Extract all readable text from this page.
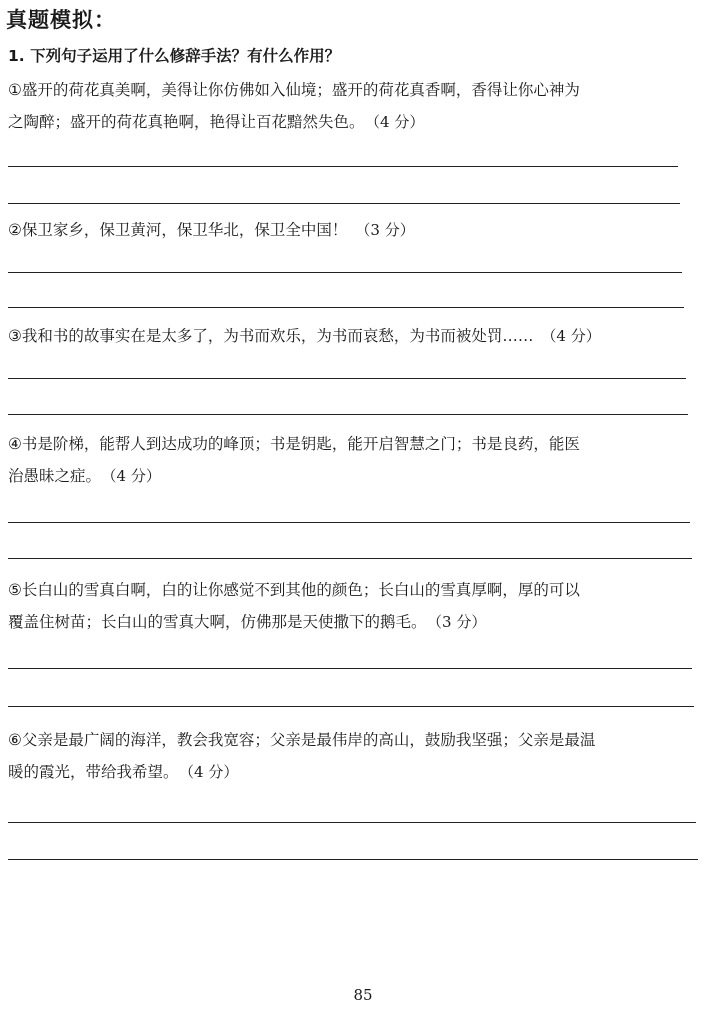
真题模拟：
1. 下列句子运用了什么修辞手法？有什么作用？
①盛开的荷花真美啊，美得让你仿佛如入仙境；盛开的荷花真香啊，香得让你心神为
之陶醉；盛开的荷花真艳啊，艳得让百花黯然失色。 （4 分）
②保卫家乡，保卫黄河，保卫华北，保卫全中国！ （3 分）
③我和书的故事实在是太多了，为书而欢乐，为书而哀愁，为书而被处罚…… （4 分）
④书是阶梯，能帮人到达成功的峰顶；书是钥匙，能开启智慧之门；书是良药，能医
治愚昧之症。 （4 分）
⑤长白山的雪真白啊，白的让你感觉不到其他的颜色；长白山的雪真厚啊，厚的可以
覆盖住树苗；长白山的雪真大啊，仿佛那是天使撒下的鹅毛。 （3 分）
⑥父亲是最广阔的海洋，教会我宽容；父亲是最伟岸的高山，鼓励我坚强；父亲是最温
暖的霞光，带给我希望。 （4 分）
85
